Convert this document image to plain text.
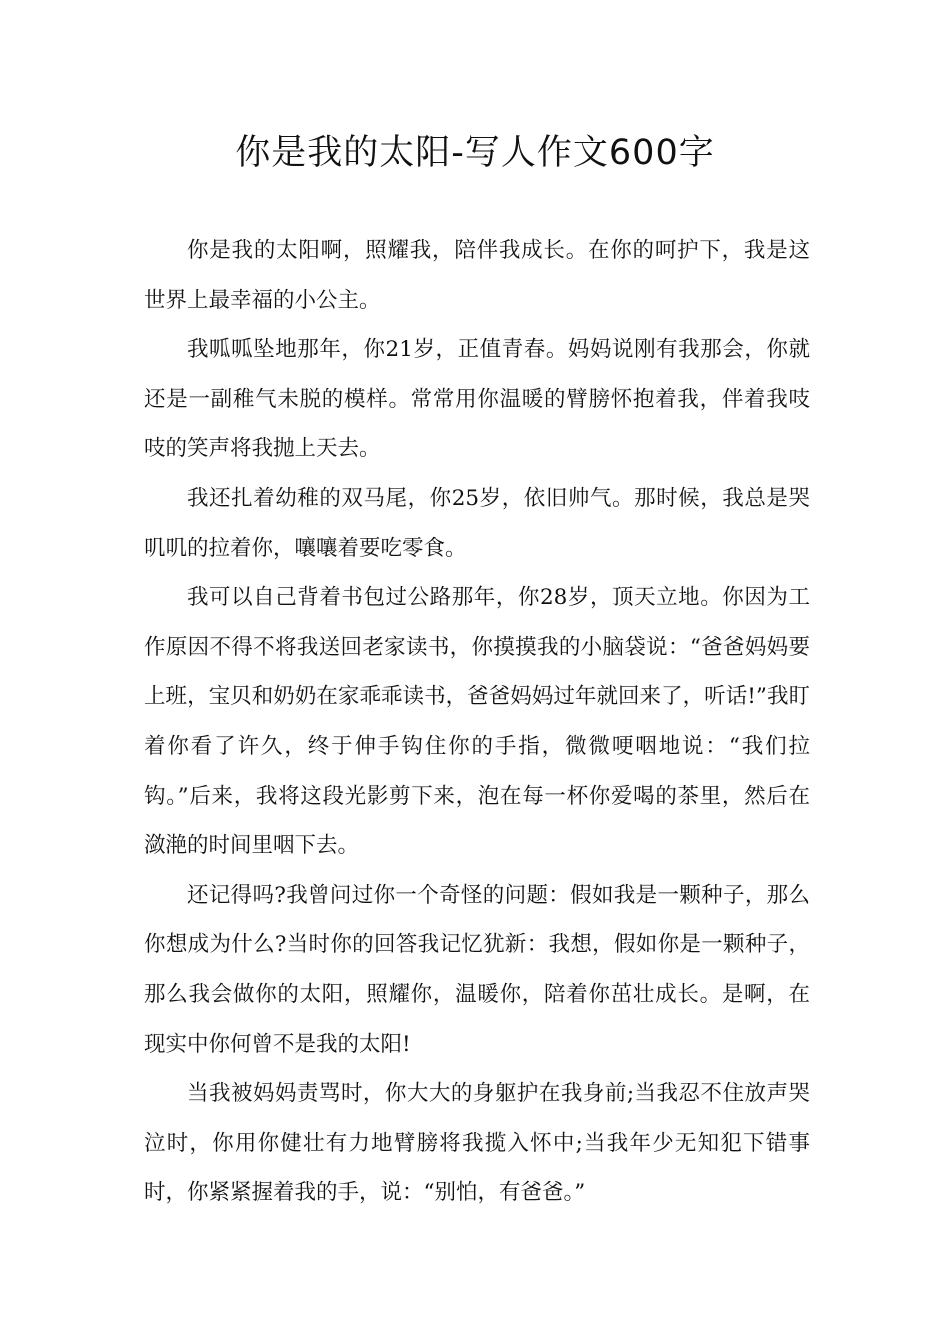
你是我的太阳-写人作文600字

你是我的太阳啊，照耀我，陪伴我成长。在你的呵护下，我是这世界上最幸福的小公主。

我呱呱坠地那年，你21岁，正值青春。妈妈说刚有我那会，你就还是一副稚气未脱的模样。常常用你温暖的臂膀怀抱着我，伴着我吱吱的笑声将我抛上天去。

我还扎着幼稚的双马尾，你25岁，依旧帅气。那时候，我总是哭叽叽的拉着你，嚷嚷着要吃零食。

我可以自己背着书包过公路那年，你28岁，顶天立地。你因为工作原因不得不将我送回老家读书，你摸摸我的小脑袋说：“爸爸妈妈要上班，宝贝和奶奶在家乖乖读书，爸爸妈妈过年就回来了，听话!”我盯着你看了许久，终于伸手钩住你的手指，微微哽咽地说：“我们拉钩。”后来，我将这段光影剪下来，泡在每一杯你爱喝的茶里，然后在潋滟的时间里咽下去。

还记得吗?我曾问过你一个奇怪的问题：假如我是一颗种子，那么你想成为什么?当时你的回答我记忆犹新：我想，假如你是一颗种子，那么我会做你的太阳，照耀你，温暖你，陪着你茁壮成长。是啊，在现实中你何曾不是我的太阳!

当我被妈妈责骂时，你大大的身躯护在我身前;当我忍不住放声哭泣时，你用你健壮有力地臂膀将我揽入怀中;当我年少无知犯下错事时，你紧紧握着我的手，说：“别怕，有爸爸。”
